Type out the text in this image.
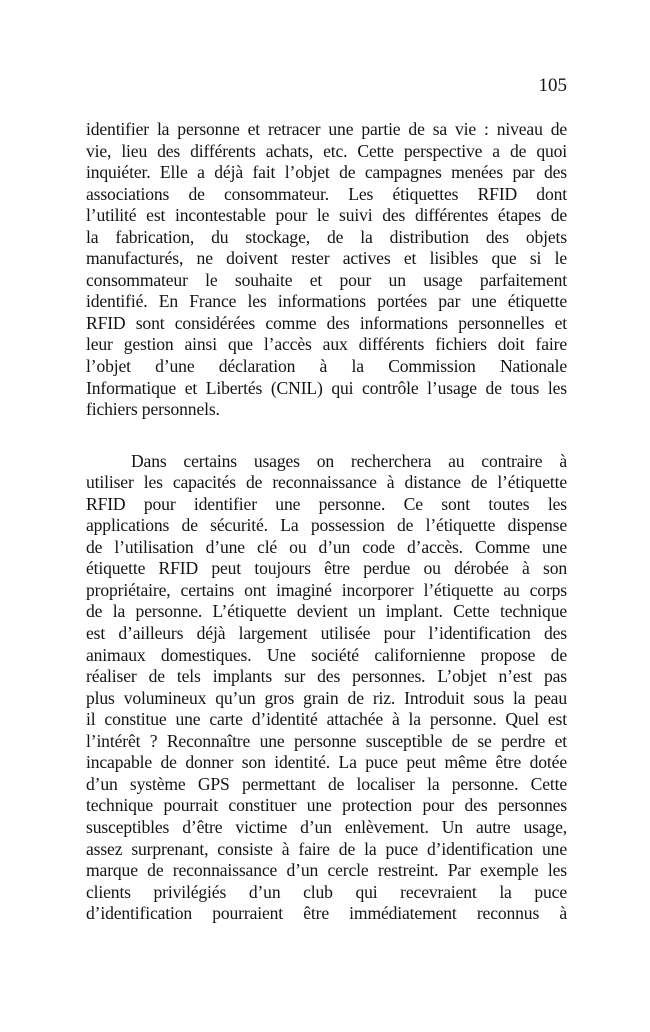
105
identifier la personne et retracer une partie de sa vie : niveau de
vie, lieu des différents achats, etc. Cette perspective a de quoi
inquiéter. Elle a déjà fait l’objet de campagnes menées par des
associations de consommateur. Les étiquettes RFID dont
l’utilité est incontestable pour le suivi des différentes étapes de
la fabrication, du stockage, de la distribution des objets
manufacturés, ne doivent rester actives et lisibles que si le
consommateur le souhaite et pour un usage parfaitement
identifié. En France les informations portées par une étiquette
RFID sont considérées comme des informations personnelles et
leur gestion ainsi que l’accès aux différents fichiers doit faire
l’objet d’une déclaration à la Commission Nationale
Informatique et Libertés (CNIL) qui contrôle l’usage de tous les
fichiers personnels.
Dans certains usages on recherchera au contraire à
utiliser les capacités de reconnaissance à distance de l’étiquette
RFID pour identifier une personne. Ce sont toutes les
applications de sécurité. La possession de l’étiquette dispense
de l’utilisation d’une clé ou d’un code d’accès. Comme une
étiquette RFID peut toujours être perdue ou dérobée à son
propriétaire, certains ont imaginé incorporer l’étiquette au corps
de la personne. L’étiquette devient un implant. Cette technique
est d’ailleurs déjà largement utilisée pour l’identification des
animaux domestiques. Une société californienne propose de
réaliser de tels implants sur des personnes. L’objet n’est pas
plus volumineux qu’un gros grain de riz. Introduit sous la peau
il constitue une carte d’identité attachée à la personne. Quel est
l’intérêt ? Reconnaître une personne susceptible de se perdre et
incapable de donner son identité. La puce peut même être dotée
d’un système GPS permettant de localiser la personne. Cette
technique pourrait constituer une protection pour des personnes
susceptibles d’être victime d’un enlèvement. Un autre usage,
assez surprenant, consiste à faire de la puce d’identification une
marque de reconnaissance d’un cercle restreint. Par exemple les
clients privilégiés d’un club qui recevraient la puce
d’identification pourraient être immédiatement reconnus à
